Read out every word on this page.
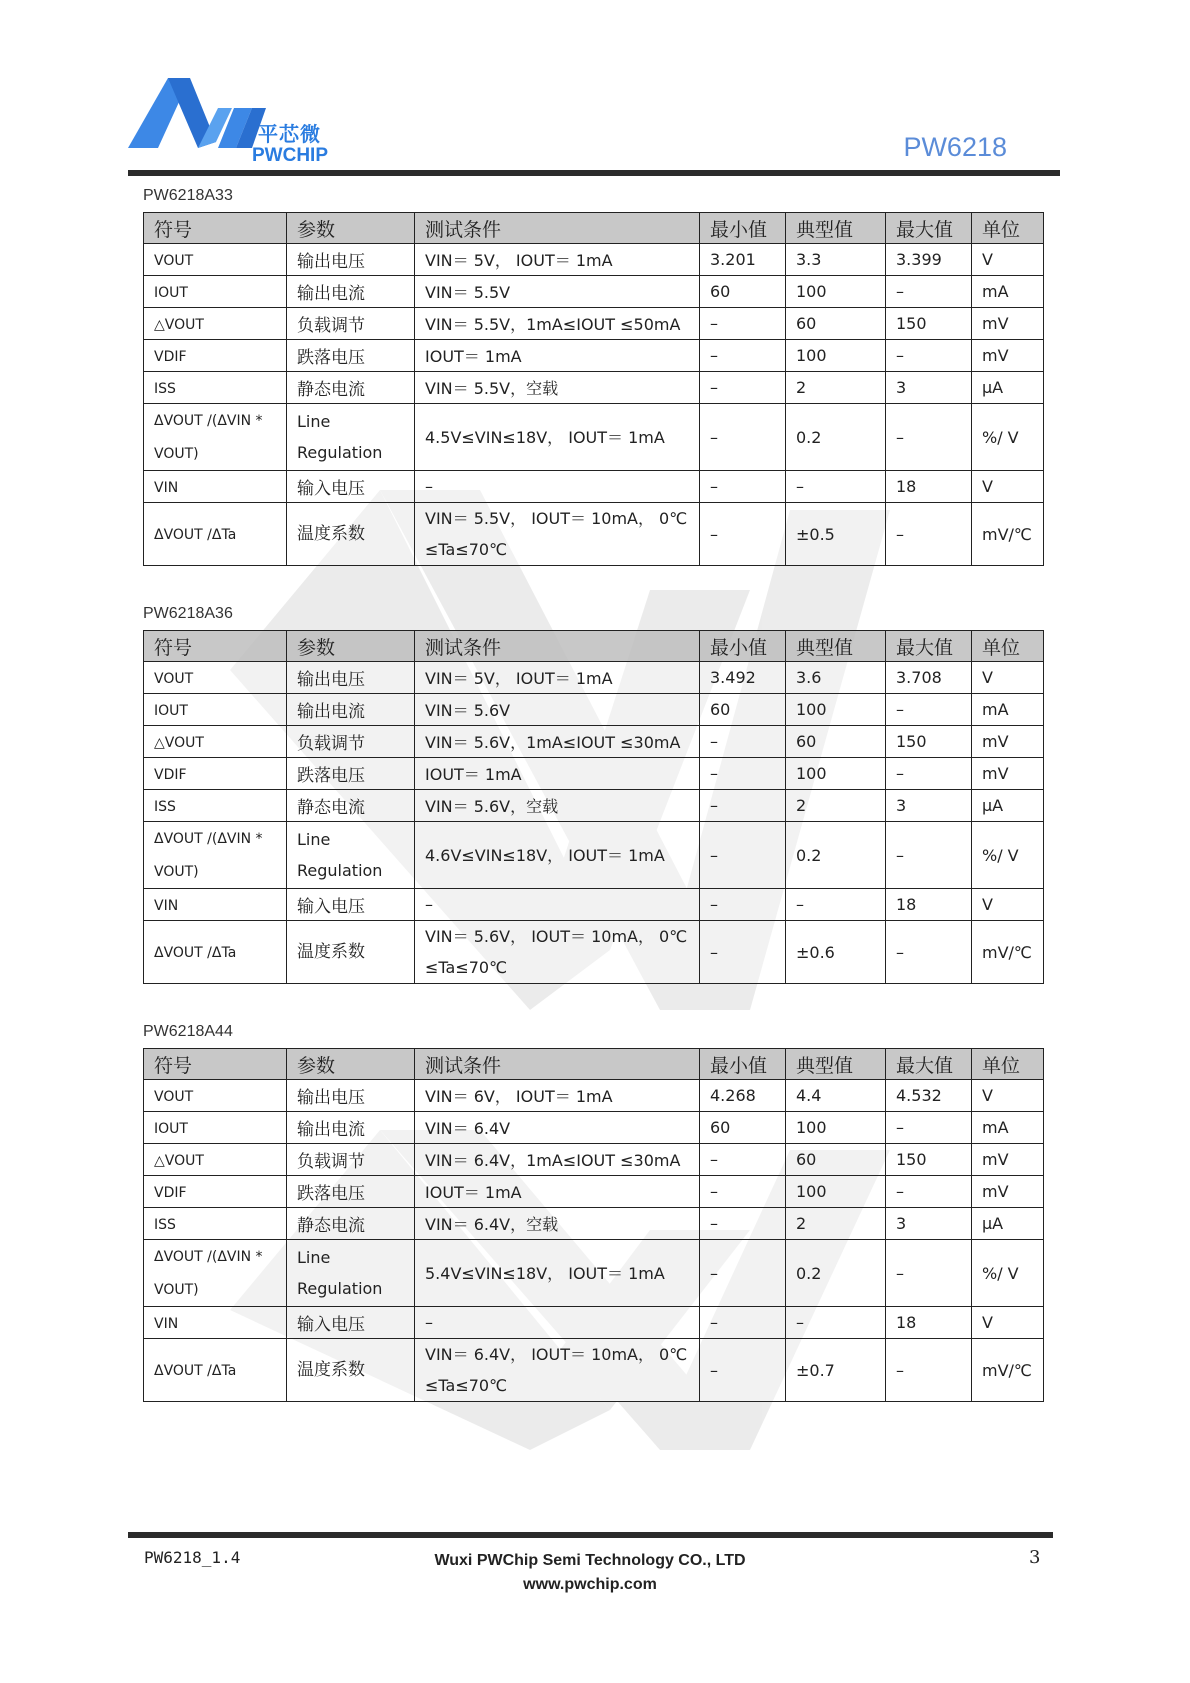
平芯微
PWCHIP	PW6218
PW6218A33
符号	参数	测试条件	最小值	典型值	最大值	单位
VOUT	输出电压	VIN＝ 5V， IOUT＝ 1mA	3.201	3.3	3.399	V
IOUT	输出电流	VIN＝ 5.5V	60	100	–	mA
△VOUT	负载调节	VIN＝ 5.5V，1mA≤IOUT ≤50mA	–	60	150	mV
VDIF	跌落电压	IOUT＝ 1mA	–	100	–	mV
ISS	静态电流	VIN＝ 5.5V，空载	–	2	3	μA
ΔVOUT /(ΔVIN * VOUT)	Line Regulation	4.5V≤VIN≤18V， IOUT＝ 1mA	–	0.2	–	%/ V
VIN	输入电压	–	–	–	18	V
ΔVOUT /ΔTa	温度系数	VIN＝ 5.5V， IOUT＝ 10mA， 0℃ ≤Ta≤70℃	–	±0.5	–	mV/℃
PW6218A36
符号	参数	测试条件	最小值	典型值	最大值	单位
VOUT	输出电压	VIN＝ 5V， IOUT＝ 1mA	3.492	3.6	3.708	V
IOUT	输出电流	VIN＝ 5.6V	60	100	–	mA
△VOUT	负载调节	VIN＝ 5.6V，1mA≤IOUT ≤30mA	–	60	150	mV
VDIF	跌落电压	IOUT＝ 1mA	–	100	–	mV
ISS	静态电流	VIN＝ 5.6V，空载	–	2	3	μA
ΔVOUT /(ΔVIN * VOUT)	Line Regulation	4.6V≤VIN≤18V， IOUT＝ 1mA	–	0.2	–	%/ V
VIN	输入电压	–	–	–	18	V
ΔVOUT /ΔTa	温度系数	VIN＝ 5.6V， IOUT＝ 10mA， 0℃ ≤Ta≤70℃	–	±0.6	–	mV/℃
PW6218A44
符号	参数	测试条件	最小值	典型值	最大值	单位
VOUT	输出电压	VIN＝ 6V， IOUT＝ 1mA	4.268	4.4	4.532	V
IOUT	输出电流	VIN＝ 6.4V	60	100	–	mA
△VOUT	负载调节	VIN＝ 6.4V，1mA≤IOUT ≤30mA	–	60	150	mV
VDIF	跌落电压	IOUT＝ 1mA	–	100	–	mV
ISS	静态电流	VIN＝ 6.4V，空载	–	2	3	μA
ΔVOUT /(ΔVIN * VOUT)	Line Regulation	5.4V≤VIN≤18V， IOUT＝ 1mA	–	0.2	–	%/ V
VIN	输入电压	–	–	–	18	V
ΔVOUT /ΔTa	温度系数	VIN＝ 6.4V， IOUT＝ 10mA， 0℃ ≤Ta≤70℃	–	±0.7	–	mV/℃
PW6218_1.4	Wuxi PWChip Semi Technology CO., LTD
www.pwchip.com
3
